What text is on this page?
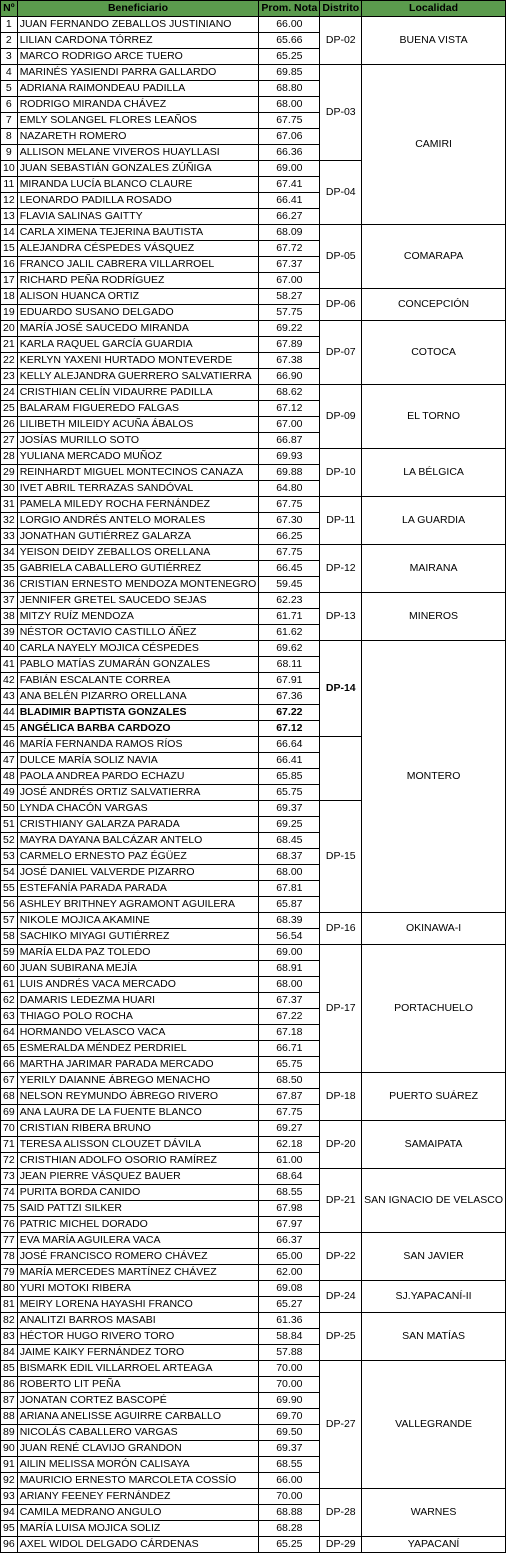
Nº	Beneficiario	Prom. Nota	Distrito	Localidad
1	JUAN FERNANDO ZEBALLOS JUSTINIANO	66.00	DP-02	BUENA VISTA
2	LILIAN CARDONA TÓRREZ	65.66		
3	MARCO RODRIGO ARCE TUERO	65.25		
4	MARINÉS YASIENDI PARRA GALLARDO	69.85	DP-03	CAMIRI
5	ADRIANA RAIMONDEAU PADILLA	68.80		
6	RODRIGO MIRANDA CHÁVEZ	68.00		
7	EMLY SOLANGEL FLORES LEAÑOS	67.75		
8	NAZARETH ROMERO	67.06		
9	ALLISON MELANE VIVEROS HUAYLLASI	66.36		
10	JUAN SEBASTIÁN GONZALES ZÚÑIGA	69.00	DP-04	
11	MIRANDA LUCÍA BLANCO CLAURE	67.41		
12	LEONARDO PADILLA ROSADO	66.41		
13	FLAVIA SALINAS GAITTY	66.27		
14	CARLA XIMENA TEJERINA BAUTISTA	68.09	DP-05	COMARAPA
15	ALEJANDRA CÉSPEDES VÁSQUEZ	67.72		
16	FRANCO JALIL CABRERA VILLARROEL	67.37		
17	RICHARD PEÑA RODRÍGUEZ	67.00		
18	ALISON HUANCA ORTIZ	58.27	DP-06	CONCEPCIÓN
19	EDUARDO SUSANO DELGADO	57.75		
20	MARÍA JOSÉ SAUCEDO MIRANDA	69.22	DP-07	COTOCA
21	KARLA RAQUEL GARCÍA GUARDIA	67.89		
22	KERLYN YAXENI HURTADO MONTEVERDE	67.38		
23	KELLY ALEJANDRA GUERRERO SALVATIERRA	66.90		
24	CRISTHIAN CELÍN VIDAURRE PADILLA	68.62	DP-09	EL TORNO
25	BALARAM FIGUEREDO FALGAS	67.12		
26	LILIBETH MILEIDY ACUÑA ÁBALOS	67.00		
27	JOSÍAS MURILLO SOTO	66.87		
28	YULIANA MERCADO MUÑOZ	69.93	DP-10	LA BÉLGICA
29	REINHARDT MIGUEL MONTECINOS CANAZA	69.88		
30	IVET ABRIL TERRAZAS SANDÓVAL	64.80		
31	PAMELA MILEDY ROCHA FERNÁNDEZ	67.75	DP-11	LA GUARDIA
32	LORGIO ANDRÉS ANTELO MORALES	67.30		
33	JONATHAN GUTIÉRREZ GALARZA	66.25		
34	YEISON DEIDY ZEBALLOS ORELLANA	67.75	DP-12	MAIRANA
35	GABRIELA CABALLERO GUTIÉRREZ	66.45		
36	CRISTIAN ERNESTO MENDOZA MONTENEGRO	59.45		
37	JENNIFER GRETEL SAUCEDO SEJAS	62.23	DP-13	MINEROS
38	MITZY RUÍZ MENDOZA	61.71		
39	NÉSTOR OCTAVIO CASTILLO ÁÑEZ	61.62		
40	CARLA NAYELY MOJICA CÉSPEDES	69.62	DP-14	MONTERO
41	PABLO MATÍAS ZUMARÁN GONZALES	68.11		
42	FABIÁN ESCALANTE CORREA	67.91		
43	ANA BELÉN PIZARRO ORELLANA	67.36		
44	BLADIMIR BAPTISTA GONZALES	67.22		
45	ANGÉLICA BARBA CARDOZO	67.12		
46	MARÍA FERNANDA RAMOS RÍOS	66.64		
47	DULCE MARÍA SOLIZ NAVIA	66.41		
48	PAOLA ANDREA PARDO ECHAZU	65.85		
49	JOSÉ ANDRÉS ORTIZ SALVATIERRA	65.75		
50	LYNDA CHACÓN VARGAS	69.37	DP-15	
51	CRISTHIANY GALARZA PARADA	69.25		
52	MAYRA DAYANA BALCÁZAR ANTELO	68.45		
53	CARMELO ERNESTO PAZ ÉGÜEZ	68.37		
54	JOSÉ DANIEL VALVERDE PIZARRO	68.00		
55	ESTEFANÍA PARADA PARADA	67.81		
56	ASHLEY BRITHNEY AGRAMONT AGUILERA	65.87		
57	NIKOLE MOJICA AKAMINE	68.39	DP-16	OKINAWA-I
58	SACHIKO MIYAGI GUTIÉRREZ	56.54		
59	MARÍA ELDA PAZ TOLEDO	69.00	DP-17	PORTACHUELO
60	JUAN SUBIRANA MEJÍA	68.91		
61	LUIS ANDRÉS VACA MERCADO	68.00		
62	DAMARIS LEDEZMA HUARI	67.37		
63	THIAGO POLO ROCHA	67.22		
64	HORMANDO VELASCO VACA	67.18		
65	ESMERALDA MÉNDEZ PERDRIEL	66.71		
66	MARTHA JARIMAR PARADA MERCADO	65.75		
67	YERILY DAIANNE ÁBREGO MENACHO	68.50	DP-18	PUERTO SUÁREZ
68	NELSON REYMUNDO ÁBREGO RIVERO	67.87		
69	ANA LAURA DE LA FUENTE BLANCO	67.75		
70	CRISTIAN RIBERA BRUNO	69.27	DP-20	SAMAIPATA
71	TERESA ALISSON CLOUZET DÁVILA	62.18		
72	CRISTHIAN ADOLFO OSORIO RAMÍREZ	61.00		
73	JEAN PIERRE VÁSQUEZ BAUER	68.64	DP-21	SAN IGNACIO DE VELASCO
74	PURITA BORDA CANIDO	68.55		
75	SAID PATTZI SILKER	67.98		
76	PATRIC MICHEL DORADO	67.97		
77	EVA MARÍA AGUILERA VACA	66.37	DP-22	SAN JAVIER
78	JOSÉ FRANCISCO ROMERO CHÁVEZ	65.00		
79	MARÍA MERCEDES MARTÍNEZ CHÁVEZ	62.00		
80	YURI MOTOKI RIBERA	69.08	DP-24	SJ.YAPACANÍ-II
81	MEIRY LORENA HAYASHI FRANCO	65.27		
82	ANALITZI BARROS MASABI	61.36	DP-25	SAN MATÍAS
83	HÉCTOR HUGO RIVERO TORO	58.84		
84	JAIME KAIKY FERNÁNDEZ TORO	57.88		
85	BISMARK EDIL VILLARROEL ARTEAGA	70.00	DP-27	VALLEGRANDE
86	ROBERTO LIT PEÑA	70.00		
87	JONATAN CORTEZ BASCOPÉ	69.90		
88	ARIANA ANELISSE AGUIRRE CARBALLO	69.70		
89	NICOLÁS CABALLERO VARGAS	69.50		
90	JUAN RENÉ CLAVIJO GRANDON	69.37		
91	AILIN MELISSA MORÓN CALISAYA	68.55		
92	MAURICIO ERNESTO MARCOLETA COSSÍO	66.00		
93	ARIANY FEENEY FERNÁNDEZ	70.00	DP-28	WARNES
94	CAMILA MEDRANO ANGULO	68.88		
95	MARÍA LUISA MOJICA SOLIZ	68.28		
96	AXEL WIDOL DELGADO CÁRDENAS	65.25	DP-29	YAPACANÍ
